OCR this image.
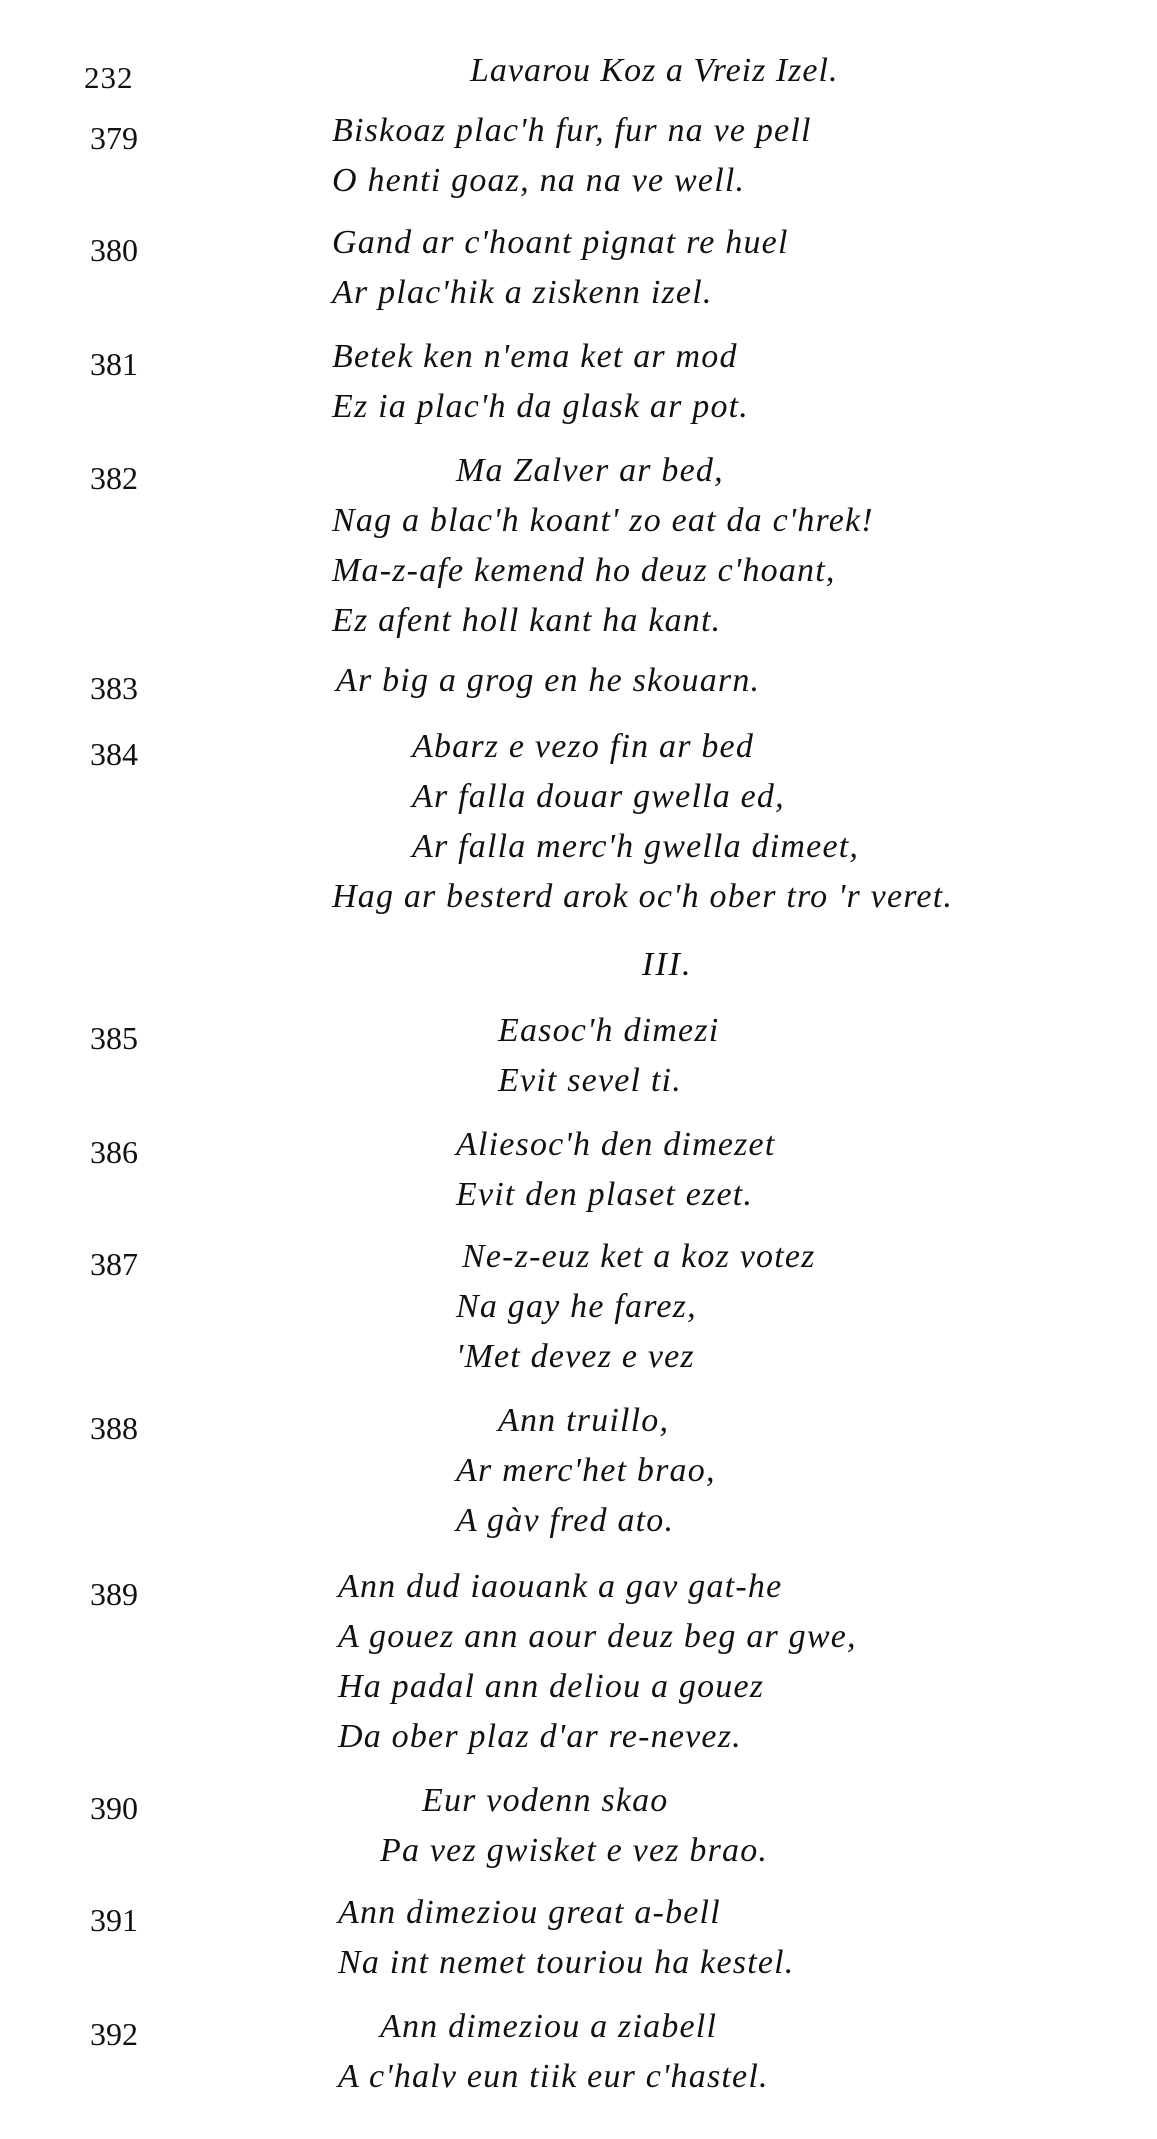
232	Lavarou Koz a Vreiz Izel.
379	Biskoaz plac'h fur, fur na ve pell
O henti goaz, na na ve well.
380	Gand ar c'hoant pignat re huel
Ar plac'hik a ziskenn izel.
381	Betek ken n'ema ket ar mod
Ez ia plac'h da glask ar pot.
382	Ma Zalver ar bed,
Nag a blac'h koant' zo eat da c'hrek!
Ma-z-afe kemend ho deuz c'hoant,
Ez afent holl kant ha kant.
383	Ar big a grog en he skouarn.
384	Abarz e vezo fin ar bed
Ar falla douar gwella ed,
Ar falla merc'h gwella dimeet,
Hag ar besterd arok oc'h ober tro 'r veret.
III.
385	Easoc'h dimezi
Evit sevel ti.
386	Aliesoc'h den dimezet
Evit den plaset ezet.
387	Ne-z-euz ket a koz votez
Na gay he farez,
'Met devez e vez
388	Ann truillo,
Ar merc'het brao,
A gàv fred ato.
389	Ann dud iaouank a gav gat-he
A gouez ann aour deuz beg ar gwe,
Ha padal ann deliou a gouez
Da ober plaz d'ar re-nevez.
390	Eur vodenn skao
Pa vez gwisket e vez brao.
391	Ann dimeziou great a-bell
Na int nemet touriou ha kestel.
392	Ann dimeziou a ziabell
A c'halv eun tiik eur c'hastel.
